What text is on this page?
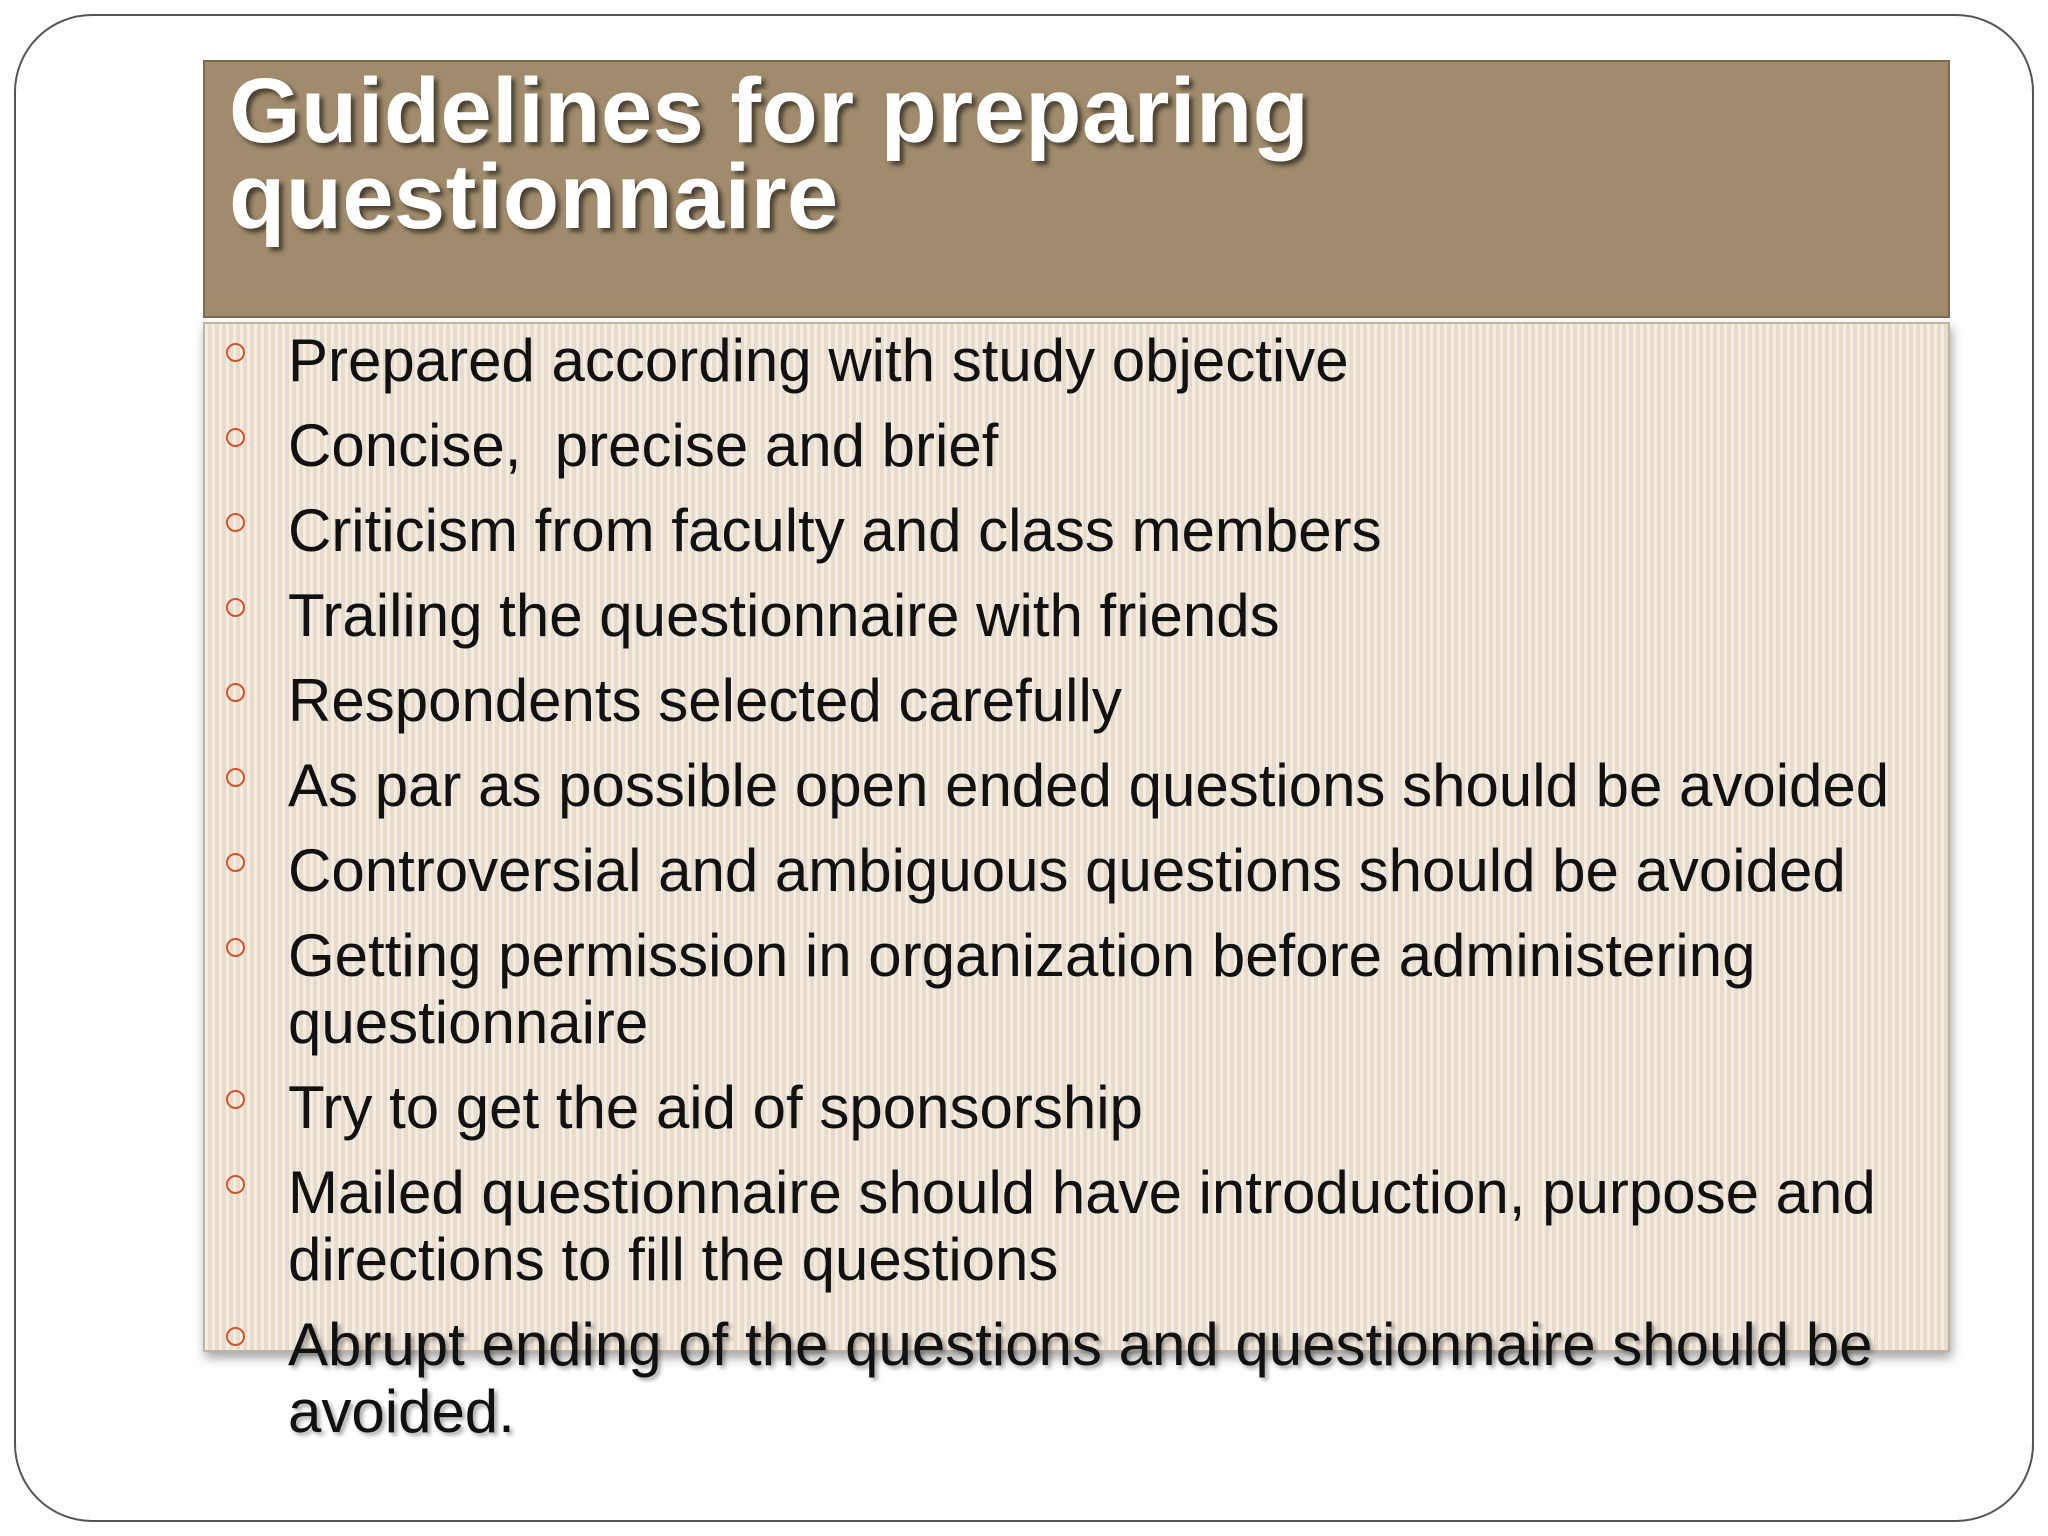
Guidelines for preparing
questionnaire
Prepared according with study objective
Concise,  precise and brief
Criticism from faculty and class members
Trailing the questionnaire with friends
Respondents selected carefully
As par as possible open ended questions should be avoided
Controversial and ambiguous questions should be avoided
Getting permission in organization before administering questionnaire
Try to get the aid of sponsorship
Mailed questionnaire should have introduction, purpose and directions to fill the questions
Abrupt ending of the questions and questionnaire should be avoided.
